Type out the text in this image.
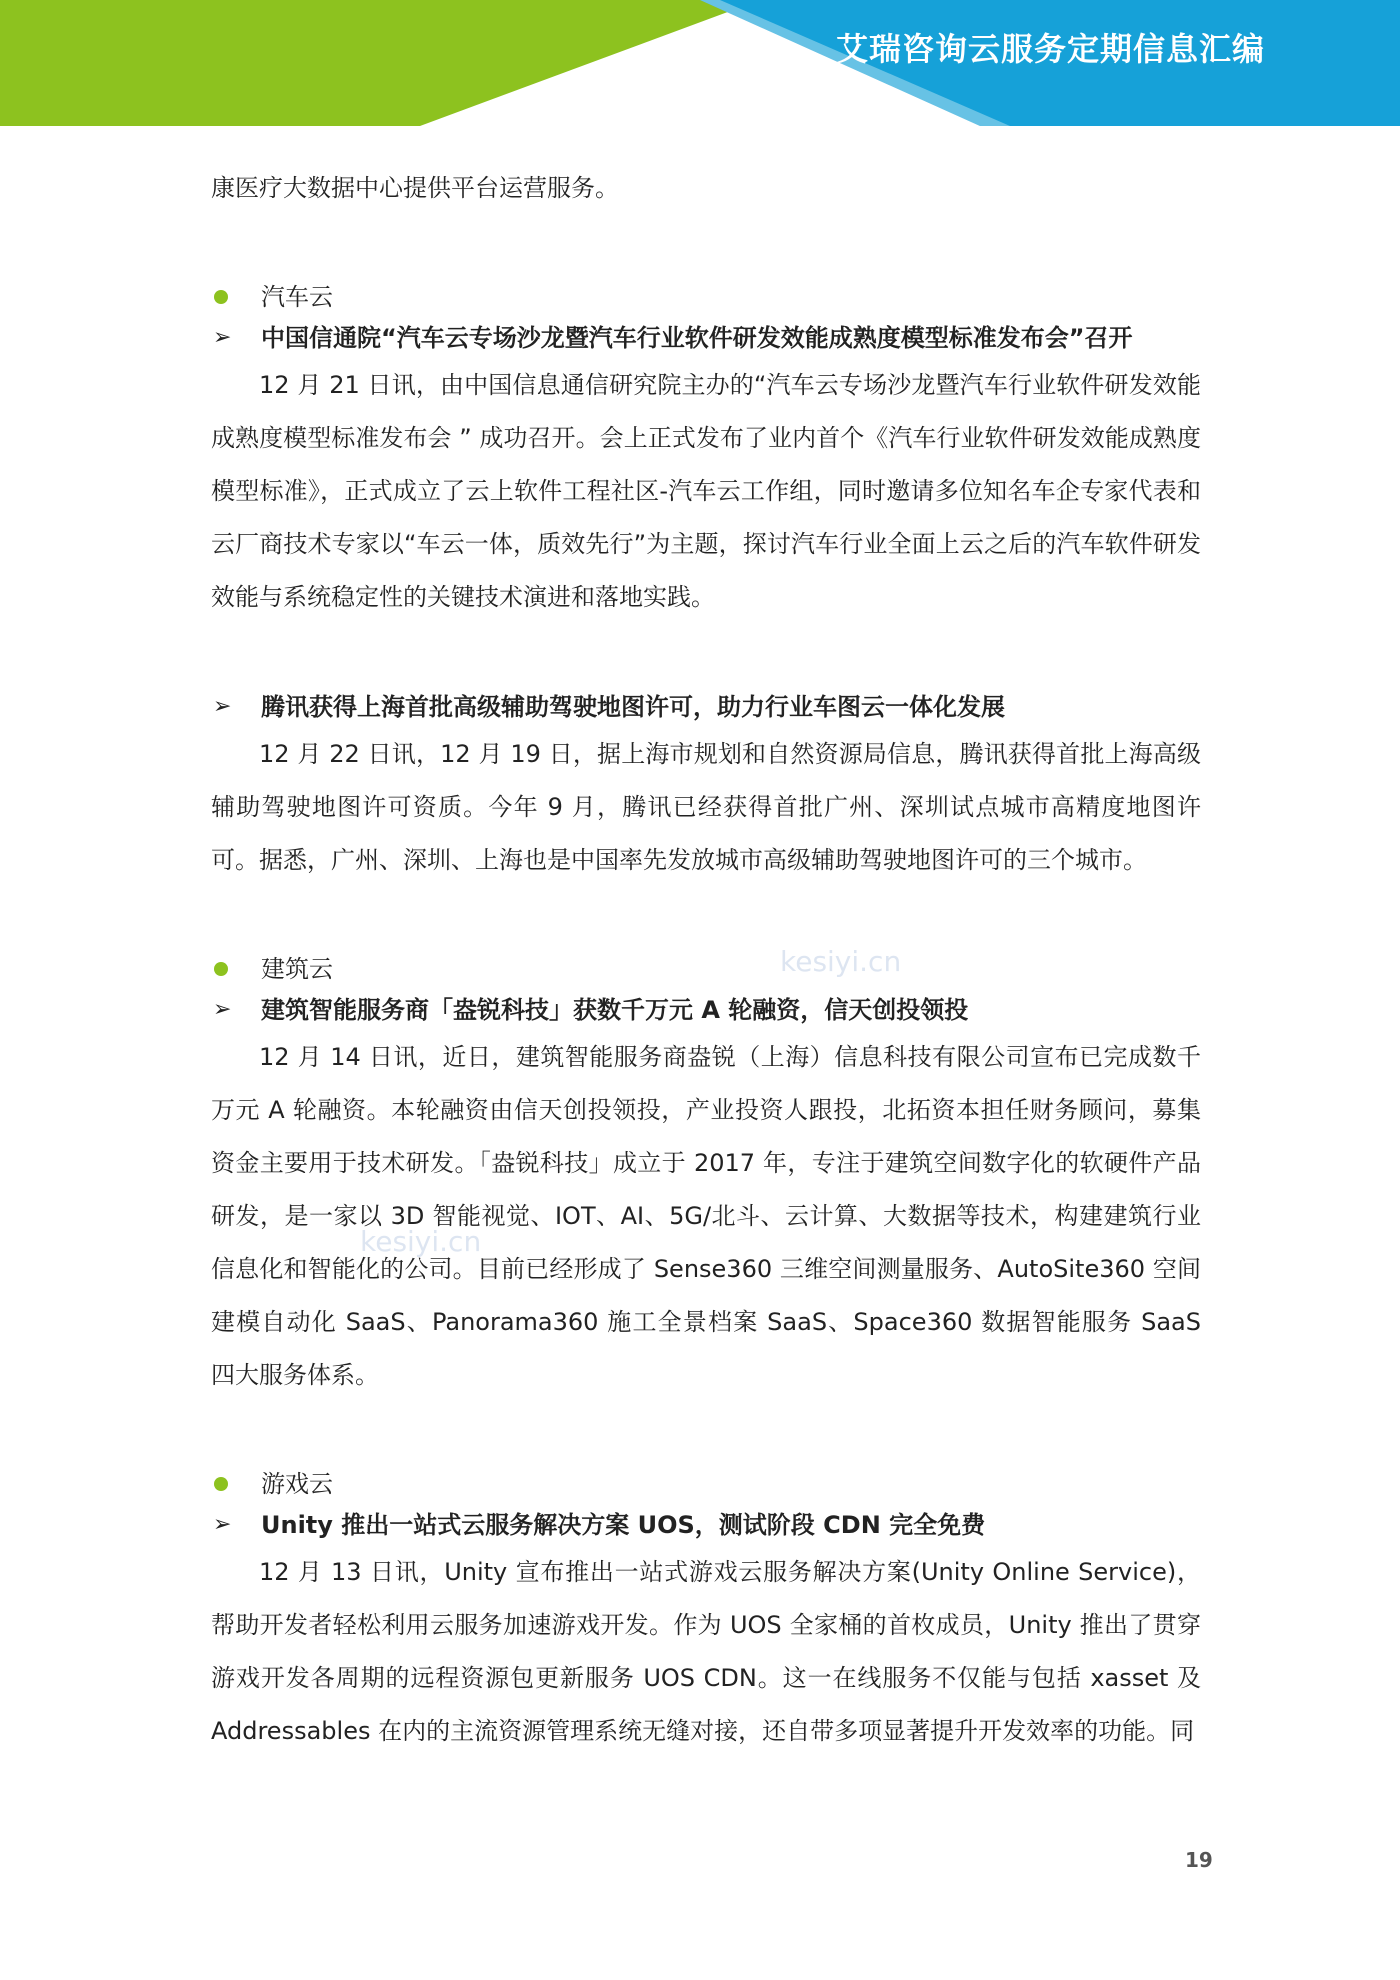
艾瑞咨询云服务定期信息汇编
kesiyi.cn
kesiyi.cn

康医疗大数据中心提供平台运营服务。

汽车云
➢ 中国信通院“汽车云专场沙龙暨汽车行业软件研发效能成熟度模型标准发布会”召开

12 月 21 日讯，由中国信息通信研究院主办的“汽车云专场沙龙暨汽车行业软件研发效能成熟度模型标准发布会 ” 成功召开。会上正式发布了业内首个《汽车行业软件研发效能成熟度模型标准》，正式成立了云上软件工程社区-汽车云工作组，同时邀请多位知名车企专家代表和云厂商技术专家以“车云一体，质效先行”为主题，探讨汽车行业全面上云之后的汽车软件研发效能与系统稳定性的关键技术演进和落地实践。

➢ 腾讯获得上海首批高级辅助驾驶地图许可，助力行业车图云一体化发展

12 月 22 日讯，12 月 19 日，据上海市规划和自然资源局信息，腾讯获得首批上海高级辅助驾驶地图许可资质。今年 9 月，腾讯已经获得首批广州、深圳试点城市高精度地图许可。据悉，广州、深圳、上海也是中国率先发放城市高级辅助驾驶地图许可的三个城市。

建筑云
➢ 建筑智能服务商「盎锐科技」获数千万元 A 轮融资，信天创投领投

12 月 14 日讯，近日，建筑智能服务商盎锐（上海）信息科技有限公司宣布已完成数千万元 A 轮融资。本轮融资由信天创投领投，产业投资人跟投，北拓资本担任财务顾问，募集资金主要用于技术研发。「盎锐科技」成立于 2017 年，专注于建筑空间数字化的软硬件产品研发，是一家以 3D 智能视觉、IOT、AI、5G/北斗、云计算、大数据等技术，构建建筑行业信息化和智能化的公司。目前已经形成了 Sense360 三维空间测量服务、AutoSite360 空间建模自动化 SaaS、Panorama360 施工全景档案 SaaS、Space360 数据智能服务 SaaS 四大服务体系。

游戏云
➢ Unity 推出一站式云服务解决方案 UOS，测试阶段 CDN 完全免费

12 月 13 日讯，Unity 宣布推出一站式游戏云服务解决方案(Unity Online Service)，帮助开发者轻松利用云服务加速游戏开发。作为 UOS 全家桶的首枚成员，Unity 推出了贯穿游戏开发各周期的远程资源包更新服务 UOS CDN。这一在线服务不仅能与包括 xasset 及 Addressables 在内的主流资源管理系统无缝对接，还自带多项显著提升开发效率的功能。同

19
